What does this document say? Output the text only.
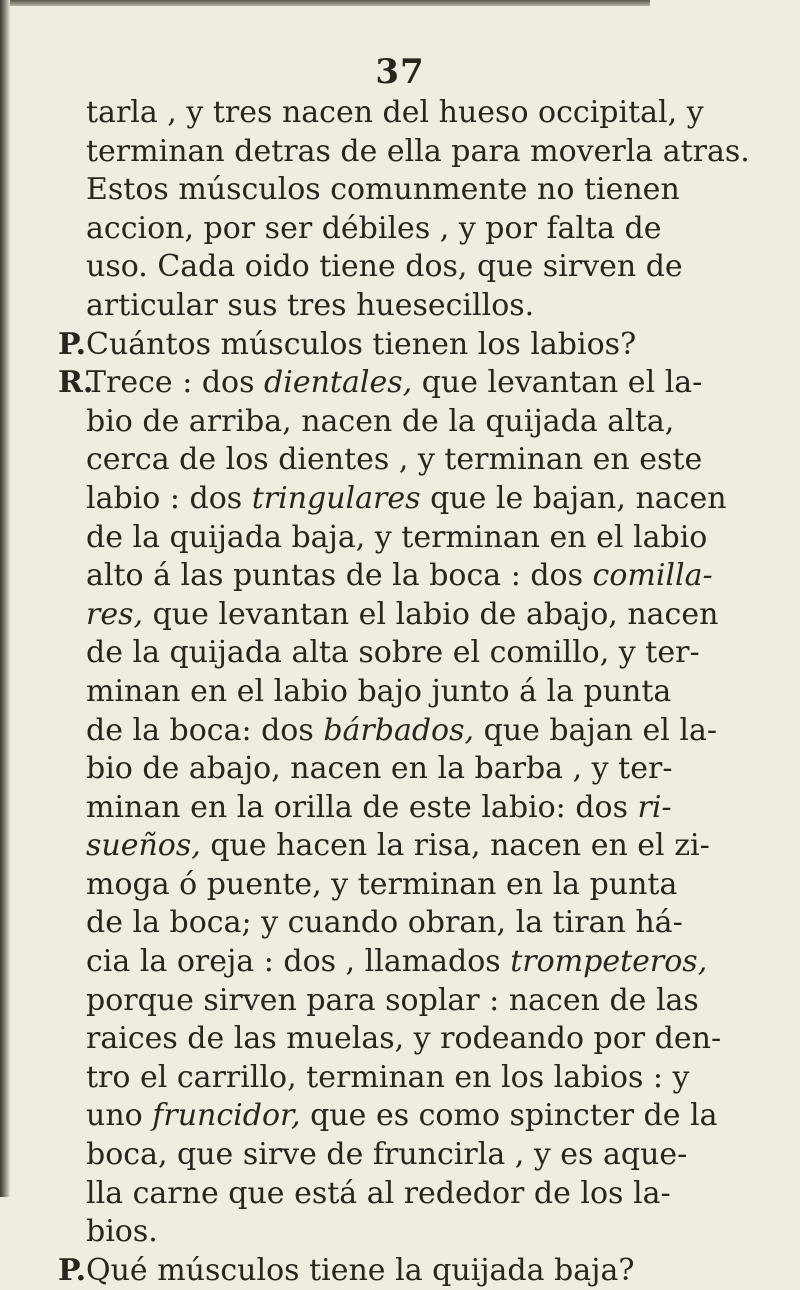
37
tarla , y tres nacen del hueso occipital, y
terminan detras de ella para moverla atras.
Estos músculos comunmente no tienen
accion, por ser débiles , y por falta de
uso. Cada oido tiene dos, que sirven de
articular sus tres huesecillos.
P.Cuántos músculos tienen los labios?
R.Trece : dos dientales, que levantan el la-
bio de arriba, nacen de la quijada alta,
cerca de los dientes , y terminan en este
labio : dos tringulares que le bajan, nacen
de la quijada baja, y terminan en el labio
alto á las puntas de la boca : dos comilla-
res, que levantan el labio de abajo, nacen
de la quijada alta sobre el comillo, y ter-
minan en el labio bajo junto á la punta
de la boca: dos bárbados, que bajan el la-
bio de abajo, nacen en la barba , y ter-
minan en la orilla de este labio: dos ri-
sueños, que hacen la risa, nacen en el zi-
moga ó puente, y terminan en la punta
de la boca; y cuando obran, la tiran há-
cia la oreja : dos , llamados trompeteros,
porque sirven para soplar : nacen de las
raices de las muelas, y rodeando por den-
tro el carrillo, terminan en los labios : y
uno fruncidor, que es como spincter de la
boca, que sirve de fruncirla , y es aque-
lla carne que está al rededor de los la-
bios.
P.Qué músculos tiene la quijada baja?
